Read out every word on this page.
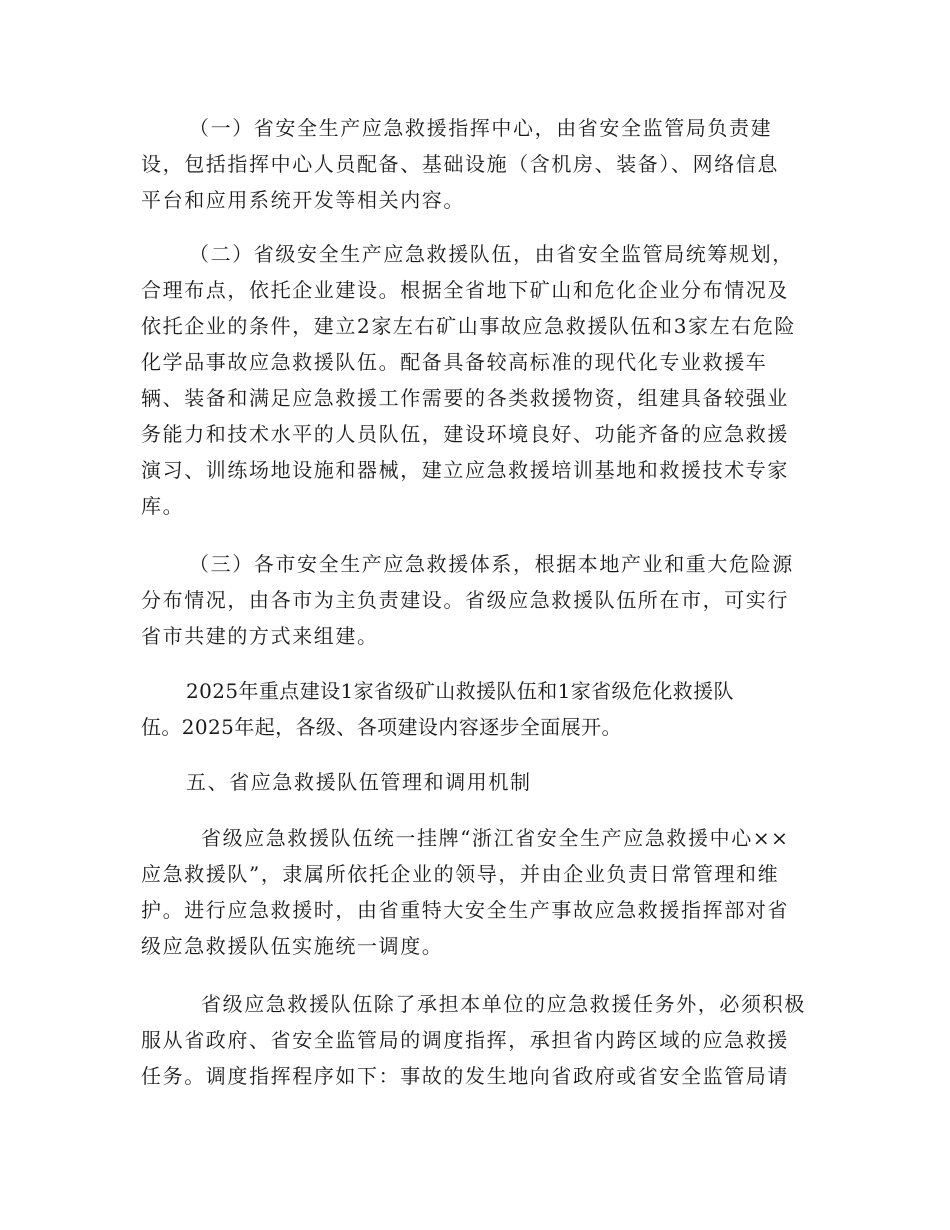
（一）省安全生产应急救援指挥中心，由省安全监管局负责建
设，包括指挥中心人员配备、基础设施（含机房、装备）、网络信息
平台和应用系统开发等相关内容。
（二）省级安全生产应急救援队伍，由省安全监管局统筹规划，
合理布点，依托企业建设。根据全省地下矿山和危化企业分布情况及
依托企业的条件，建立2家左右矿山事故应急救援队伍和3家左右危险
化学品事故应急救援队伍。配备具备较高标准的现代化专业救援车
辆、装备和满足应急救援工作需要的各类救援物资，组建具备较强业
务能力和技术水平的人员队伍，建设环境良好、功能齐备的应急救援
演习、训练场地设施和器械，建立应急救援培训基地和救援技术专家
库。
（三）各市安全生产应急救援体系，根据本地产业和重大危险源
分布情况，由各市为主负责建设。省级应急救援队伍所在市，可实行
省市共建的方式来组建。
2025年重点建设1家省级矿山救援队伍和1家省级危化救援队
伍。2025年起，各级、各项建设内容逐步全面展开。
五、省应急救援队伍管理和调用机制
省级应急救援队伍统一挂牌“浙江省安全生产应急救援中心××
应急救援队”，隶属所依托企业的领导，并由企业负责日常管理和维
护。进行应急救援时，由省重特大安全生产事故应急救援指挥部对省
级应急救援队伍实施统一调度。
省级应急救援队伍除了承担本单位的应急救援任务外，必须积极
服从省政府、省安全监管局的调度指挥，承担省内跨区域的应急救援
任务。调度指挥程序如下：事故的发生地向省政府或省安全监管局请
